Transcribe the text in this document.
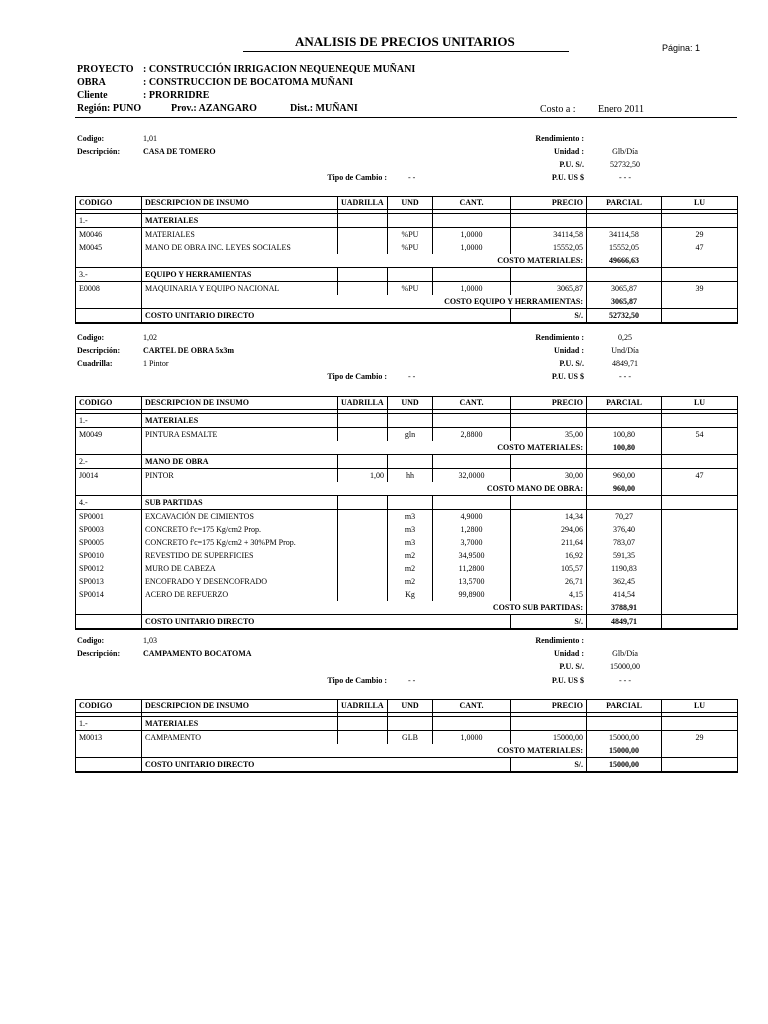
ANALISIS DE PRECIOS UNITARIOS	Página: 1
PROYECTO : CONSTRUCCIÓN IRRIGACION NEQUENEQUE MUÑANI
OBRA	: CONSTRUCCION DE BOCATOMA MUÑANI
Cliente	: PRORRIDRE
Región: PUNO	Prov.: AZANGARO	Dist.: MUÑANI	Costo a : Enero 2011
Codigo:	1,01
Descripción:	CASA DE TOMERO
Tipo de Cambio :	- -
Rendimiento :
Unidad :	Glb/Día
P.U. S/.	52732,50
P.U. US $	- - -
CODIGO	DESCRIPCION DE INSUMO	UADRILLA	UND	CANT.	PRECIO	PARCIAL	LU

1.-	MATERIALES						
M0046	MATERIALES		%PU	1,0000	34114,58	34114,58	29
M0045	MANO DE OBRA INC. LEYES SOCIALES		%PU	1,0000	15552,05	15552,05	47
	COSTO MATERIALES:					49666,63	
3.-	EQUIPO Y HERRAMIENTAS						
E0008	MAQUINARIA Y EQUIPO NACIONAL		%PU	1,0000	3065,87	3065,87	39
	COSTO EQUIPO Y HERRAMIENTAS:					3065,87	
	COSTO UNITARIO DIRECTO				S/.	52732,50	
Codigo:	1,02
Descripción:	CARTEL DE OBRA 5x3m
Cuadrilla:	1 Pintor
Tipo de Cambio :	- -
Rendimiento :	0,25
Unidad :	Und/Día
P.U. S/.	4849,71
P.U. US $	- - -
CODIGO	DESCRIPCION DE INSUMO	UADRILLA	UND	CANT.	PRECIO	PARCIAL	LU

1.-	MATERIALES						
M0049	PINTURA ESMALTE		gln	2,8800	35,00	100,80	54
	COSTO MATERIALES:					100,80	
2.-	MANO DE OBRA						
J0014	PINTOR	1,00	hh	32,0000	30,00	960,00	47
	COSTO MANO DE OBRA:					960,00	
4.-	SUB PARTIDAS						
SP0001	EXCAVACIÓN DE CIMIENTOS		m3	4,9000	14,34	70,27	
SP0003	CONCRETO f'c=175 Kg/cm2 Prop.		m3	1,2800	294,06	376,40	
SP0005	CONCRETO f'c=175 Kg/cm2 + 30%PM Prop.		m3	3,7000	211,64	783,07	
SP0010	REVESTIDO DE SUPERFICIES		m2	34,9500	16,92	591,35	
SP0012	MURO DE CABEZA		m2	11,2800	105,57	1190,83	
SP0013	ENCOFRADO Y DESENCOFRADO		m2	13,5700	26,71	362,45	
SP0014	ACERO DE REFUERZO		Kg	99,8900	4,15	414,54	
	COSTO SUB PARTIDAS:					3788,91	
	COSTO UNITARIO DIRECTO				S/.	4849,71	
Codigo:	1,03
Descripción:	CAMPAMENTO BOCATOMA
Tipo de Cambio :	- -
Rendimiento :
Unidad :	Glb/Día
P.U. S/.	15000,00
P.U. US $	- - -
CODIGO	DESCRIPCION DE INSUMO	UADRILLA	UND	CANT.	PRECIO	PARCIAL	LU

1.-	MATERIALES						
M0013	CAMPAMENTO		GLB	1,0000	15000,00	15000,00	29
	COSTO MATERIALES:					15000,00	
	COSTO UNITARIO DIRECTO				S/.	15000,00	
